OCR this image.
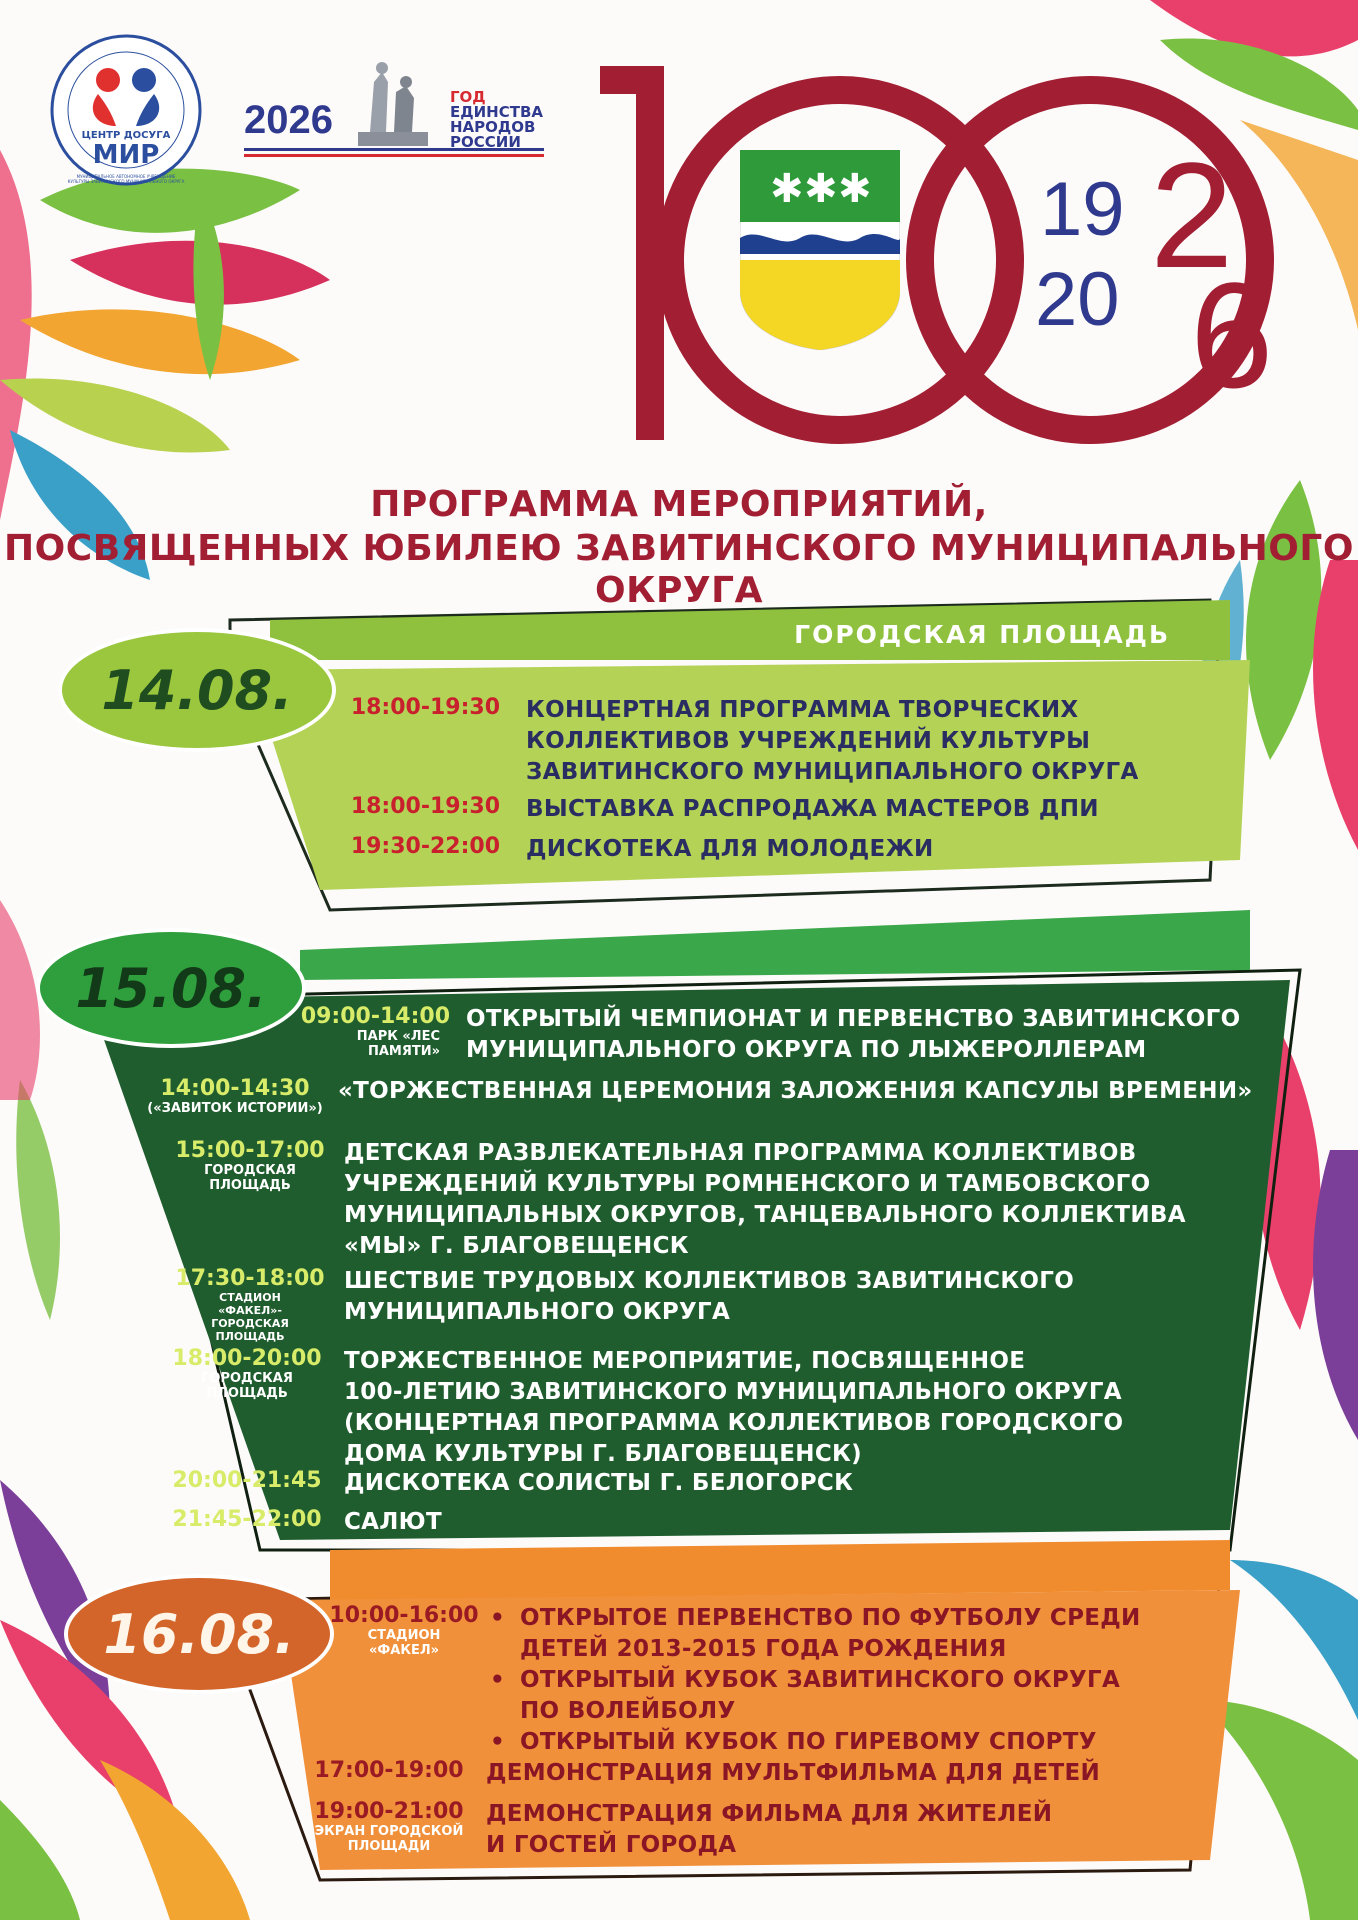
ЦЕНТР ДОСУГА
МИР
МУНИЦИПАЛЬНОЕ АВТОНОМНОЕ УЧРЕЖДЕНИЕ КУЛЬТУРЫ ЗАВИТИНСКОГО МУНИЦИПАЛЬНОГО ОКРУГА
2026
ГОД
ЕДИНСТВА
НАРОДОВ
РОССИИ
✱ ✱ ✱ 19
20
2
6
ПРОГРАММА МЕРОПРИЯТИЙ,
ПОСВЯЩЕННЫХ ЮБИЛЕЮ ЗАВИТИНСКОГО МУНИЦИПАЛЬНОГО
ОКРУГА
14.08.
ГОРОДСКАЯ ПЛОЩАДЬ
18:00-19:30 КОНЦЕРТНАЯ ПРОГРАММА ТВОРЧЕСКИХ
КОЛЛЕКТИВОВ УЧРЕЖДЕНИЙ КУЛЬТУРЫ
ЗАВИТИНСКОГО МУНИЦИПАЛЬНОГО ОКРУГА
18:00-19:30 ВЫСТАВКА РАСПРОДАЖА МАСТЕРОВ ДПИ
19:30-22:00 ДИСКОТЕКА ДЛЯ МОЛОДЕЖИ
15.08.	09:00-14:00
ПАРК «ЛЕС ПАМЯТИ»
ОТКРЫТЫЙ ЧЕМПИОНАТ И ПЕРВЕНСТВО ЗАВИТИНСКОГО
МУНИЦИПАЛЬНОГО ОКРУГА ПО ЛЫЖЕРОЛЛЕРАМ
14:00-14:30
(«ЗАВИТОК ИСТОРИИ»)
«ТОРЖЕСТВЕННАЯ ЦЕРЕМОНИЯ ЗАЛОЖЕНИЯ КАПСУЛЫ ВРЕМЕНИ»
15:00-17:00
ГОРОДСКАЯ ПЛОЩАДЬ
ДЕТСКАЯ РАЗВЛЕКАТЕЛЬНАЯ ПРОГРАММА КОЛЛЕКТИВОВ
УЧРЕЖДЕНИЙ КУЛЬТУРЫ РОМНЕНСКОГО И ТАМБОВСКОГО
МУНИЦИПАЛЬНЫХ ОКРУГОВ, ТАНЦЕВАЛЬНОГО КОЛЛЕКТИВА
«МЫ» Г. БЛАГОВЕЩЕНСК
17:30-18:00
СТАДИОН «ФАКЕЛ»- ГОРОДСКАЯ ПЛОЩАДЬ
ШЕСТВИЕ ТРУДОВЫХ КОЛЛЕКТИВОВ ЗАВИТИНСКОГО
МУНИЦИПАЛЬНОГО ОКРУГА
18:00-20:00
ГОРОДСКАЯ ПЛОЩАДЬ
ТОРЖЕСТВЕННОЕ МЕРОПРИЯТИЕ, ПОСВЯЩЕННОЕ
100-ЛЕТИЮ ЗАВИТИНСКОГО МУНИЦИПАЛЬНОГО ОКРУГА
(КОНЦЕРТНАЯ ПРОГРАММА КОЛЛЕКТИВОВ ГОРОДСКОГО
ДОМА КУЛЬТУРЫ Г. БЛАГОВЕЩЕНСК)
20:00-21:45 ДИСКОТЕКА СОЛИСТЫ Г. БЕЛОГОРСК
21:45-22:00 САЛЮТ
16.08. 10:00-16:00
СТАДИОН «ФАКЕЛ»
• ОТКРЫТОЕ ПЕРВЕНСТВО ПО ФУТБОЛУ СРЕДИ
ДЕТЕЙ 2013-2015 ГОДА РОЖДЕНИЯ
• ОТКРЫТЫЙ КУБОК ЗАВИТИНСКОГО ОКРУГА
ПО ВОЛЕЙБОЛУ
• ОТКРЫТЫЙ КУБОК ПО ГИРЕВОМУ СПОРТУ
17:00-19:00 ДЕМОНСТРАЦИЯ МУЛЬТФИЛЬМА ДЛЯ ДЕТЕЙ
19:00-21:00
ЭКРАН ГОРОДСКОЙ ПЛОЩАДИ
ДЕМОНСТРАЦИЯ ФИЛЬМА ДЛЯ ЖИТЕЛЕЙ
И ГОСТЕЙ ГОРОДА
